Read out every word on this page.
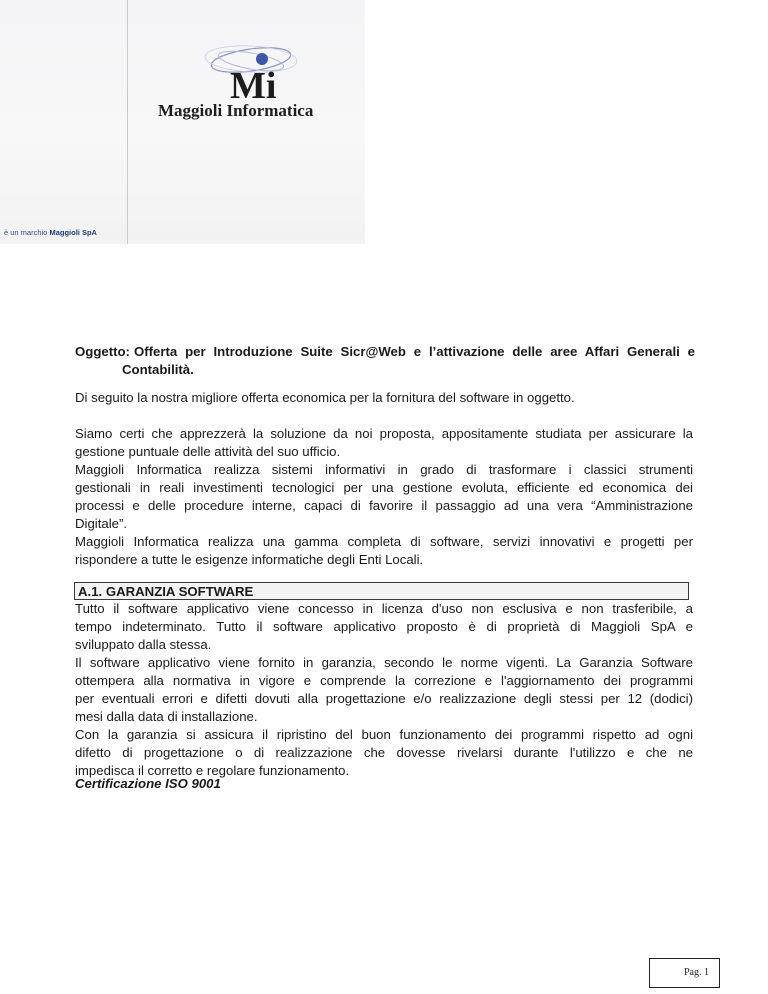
Mi
Maggioli Informatica
è un marchio Maggioli SpA
Oggetto: Offerta per Introduzione Suite Sicr@Web e l’attivazione delle aree Affari Generali e
Contabilità.
Di seguito la nostra migliore offerta economica per la fornitura del software in oggetto.
Siamo certi che apprezzerà la soluzione da noi proposta, appositamente studiata per assicurare la
gestione puntuale delle attività del suo ufficio.
Maggioli Informatica realizza sistemi informativi in grado di trasformare i classici strumenti
gestionali in reali investimenti tecnologici per una gestione evoluta, efficiente ed economica dei
processi e delle procedure interne, capaci di favorire il passaggio ad una vera “Amministrazione
Digitale”.
Maggioli Informatica realizza una gamma completa di software, servizi innovativi e progetti per
rispondere a tutte le esigenze informatiche degli Enti Locali.
A.1. GARANZIA SOFTWARE
Tutto il software applicativo viene concesso in licenza d'uso non esclusiva e non trasferibile, a
tempo indeterminato. Tutto il software applicativo proposto è di proprietà di Maggioli SpA e
sviluppato dalla stessa.
Il software applicativo viene fornito in garanzia, secondo le norme vigenti. La Garanzia Software
ottempera alla normativa in vigore e comprende la correzione e l'aggiornamento dei programmi
per eventuali errori e difetti dovuti alla progettazione e/o realizzazione degli stessi per 12 (dodici)
mesi dalla data di installazione.
Con la garanzia si assicura il ripristino del buon funzionamento dei programmi rispetto ad ogni
difetto di progettazione o di realizzazione che dovesse rivelarsi durante l'utilizzo e che ne
impedisca il corretto e regolare funzionamento.
Certificazione ISO 9001
Pag. 1
